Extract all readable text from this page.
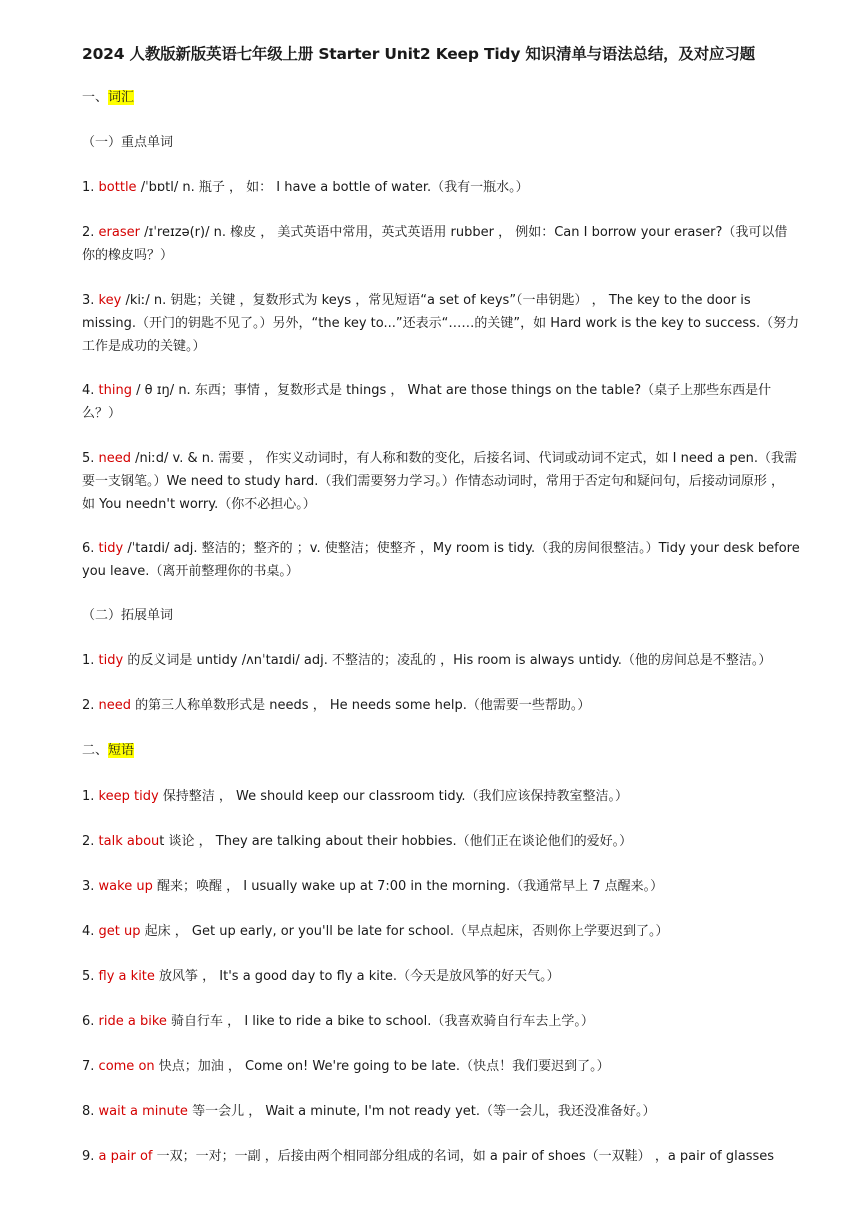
2024 人教版新版英语七年级上册 Starter Unit2 Keep Tidy 知识清单与语法总结，及对应习题
一、词汇
（一）重点单词
1. bottle /ˈbɒtl/ n. 瓶子 ， 如： I have a bottle of water.（我有一瓶水。）
2. eraser /ɪˈreɪzə(r)/ n. 橡皮 ， 美式英语中常用，英式英语用 rubber ， 例如：Can I borrow your eraser?（我可以借你的橡皮吗？）
3. key /kiː/ n. 钥匙；关键 ，复数形式为 keys ，常见短语“a set of keys”（一串钥匙） ， The key to the door is missing.（开门的钥匙不见了。）另外，“the key to...”还表示“……的关键”，如 Hard work is the key to success.（努力工作是成功的关键。）
4. thing / θ ɪŋ/ n. 东西；事情 ，复数形式是 things ， What are those things on the table?（桌子上那些东西是什么？）
5. need /niːd/ v. & n. 需要 ， 作实义动词时，有人称和数的变化，后接名词、代词或动词不定式，如 I need a pen.（我需要一支钢笔。）We need to study hard.（我们需要努力学习。）作情态动词时，常用于否定句和疑问句，后接动词原形 ， 如 You needn't worry.（你不必担心。）
6. tidy /ˈtaɪdi/ adj. 整洁的；整齐的 ；v. 使整洁；使整齐 ，My room is tidy.（我的房间很整洁。）Tidy your desk before you leave.（离开前整理你的书桌。）
（二）拓展单词
1. tidy 的反义词是 untidy /ʌnˈtaɪdi/ adj. 不整洁的；凌乱的 ，His room is always untidy.（他的房间总是不整洁。）
2. need 的第三人称单数形式是 needs ， He needs some help.（他需要一些帮助。）
二、短语
1. keep tidy 保持整洁 ， We should keep our classroom tidy.（我们应该保持教室整洁。）
2. talk about 谈论 ， They are talking about their hobbies.（他们正在谈论他们的爱好。）
3. wake up 醒来；唤醒 ， I usually wake up at 7:00 in the morning.（我通常早上 7 点醒来。）
4. get up 起床 ， Get up early, or you'll be late for school.（早点起床，否则你上学要迟到了。）
5. fly a kite 放风筝 ， It's a good day to fly a kite.（今天是放风筝的好天气。）
6. ride a bike 骑自行车 ， I like to ride a bike to school.（我喜欢骑自行车去上学。）
7. come on 快点；加油 ， Come on! We're going to be late.（快点！我们要迟到了。）
8. wait a minute 等一会儿 ， Wait a minute, I'm not ready yet.（等一会儿，我还没准备好。）
9. a pair of 一双；一对；一副 ，后接由两个相同部分组成的名词，如 a pair of shoes（一双鞋） ，a pair of glasses
